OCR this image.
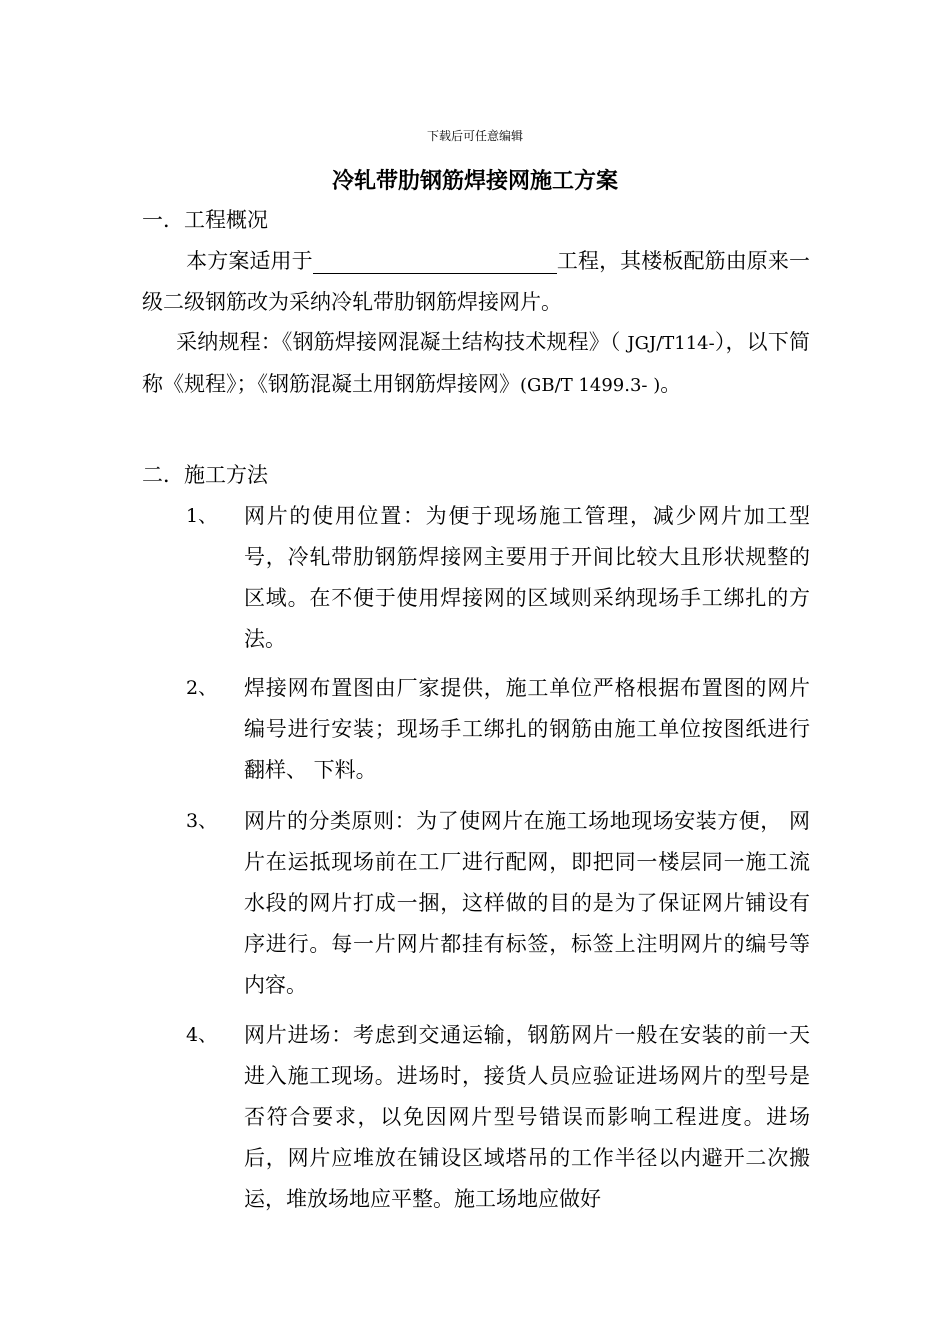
下载后可任意编辑
冷轧带肋钢筋焊接网施工方案
一．工程概况
本方案适用于	工程，其楼板配筋由原来一级二级钢筋改为采纳冷轧带肋钢筋焊接网片。
采纳规程：《钢筋焊接网混凝土结构技术规程》（ JGJ/T114-），以下简称《规程》；《钢筋混凝土用钢筋焊接网》(GB/T 1499.3- )。
二．施工方法
1、 网片的使用位置：为便于现场施工管理，减少网片加工型号，冷轧带肋钢筋焊接网主要用于开间比较大且形状规整的区域。在不便于使用焊接网的区域则采纳现场手工绑扎的方法。
2、 焊接网布置图由厂家提供，施工单位严格根据布置图的网片编号进行安装；现场手工绑扎的钢筋由施工单位按图纸进行翻样、 下料。
3、 网片的分类原则：为了使网片在施工场地现场安装方便， 网片在运抵现场前在工厂进行配网，即把同一楼层同一施工流水段的网片打成一捆，这样做的目的是为了保证网片铺设有序进行。每一片网片都挂有标签，标签上注明网片的编号等内容。
4、 网片进场：考虑到交通运输，钢筋网片一般在安装的前一天进入施工现场。进场时，接货人员应验证进场网片的型号是否符合要求，以免因网片型号错误而影响工程进度。进场后，网片应堆放在铺设区域塔吊的工作半径以内避开二次搬运，堆放场地应平整。施工场地应做好
